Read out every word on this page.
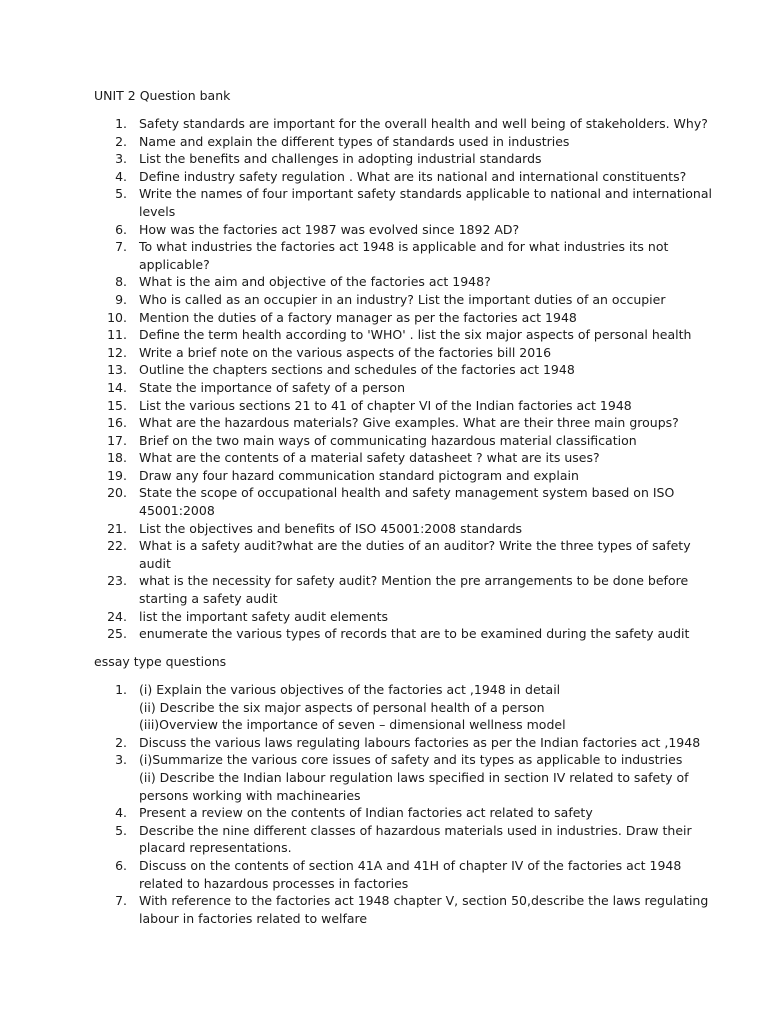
UNIT 2 Question bank
1. Safety standards are important for the overall health and well being of stakeholders. Why?
2. Name and explain the different types of standards used in industries
3. List the benefits and challenges in adopting industrial standards
4. Define industry safety regulation . What are its national and international constituents?
5. Write the names of four important safety standards applicable to national and international
levels
6. How was the factories act 1987 was evolved since 1892 AD?
7. To what industries the factories act 1948 is applicable and for what industries its not
applicable?
8. What is the aim and objective of the factories act 1948?
9. Who is called as an occupier in an industry? List the important duties of an occupier
10. Mention the duties of a factory manager as per the factories act 1948
11. Define the term health according to 'WHO' . list the six major aspects of personal health
12. Write a brief note on the various aspects of the factories bill 2016
13. Outline the chapters sections and schedules of the factories act 1948
14. State the importance of safety of a person
15. List the various sections 21 to 41 of chapter VI of the Indian factories act 1948
16. What are the hazardous materials? Give examples. What are their three main groups?
17. Brief on the two main ways of communicating hazardous material classification
18. What are the contents of a material safety datasheet ? what are its uses?
19. Draw any four hazard communication standard pictogram and explain
20. State the scope of occupational health and safety management system based on ISO
45001:2008
21. List the objectives and benefits of ISO 45001:2008 standards
22. What is a safety audit?what are the duties of an auditor? Write the three types of safety
audit
23. what is the necessity for safety audit? Mention the pre arrangements to be done before
starting a safety audit
24. list the important safety audit elements
25. enumerate the various types of records that are to be examined during the safety audit
essay type questions
1. (i) Explain the various objectives of the factories act ,1948 in detail
(ii) Describe the six major aspects of personal health of a person
(iii)Overview the importance of seven – dimensional wellness model
2. Discuss the various laws regulating labours factories as per the Indian factories act ,1948
3. (i)Summarize the various core issues of safety and its types as applicable to industries
(ii) Describe the Indian labour regulation laws specified in section IV related to safety of
persons working with machinearies
4. Present a review on the contents of Indian factories act related to safety
5. Describe the nine different classes of hazardous materials used in industries. Draw their
placard representations.
6. Discuss on the contents of section 41A and 41H of chapter IV of the factories act 1948
related to hazardous processes in factories
7. With reference to the factories act 1948 chapter V, section 50,describe the laws regulating
labour in factories related to welfare
